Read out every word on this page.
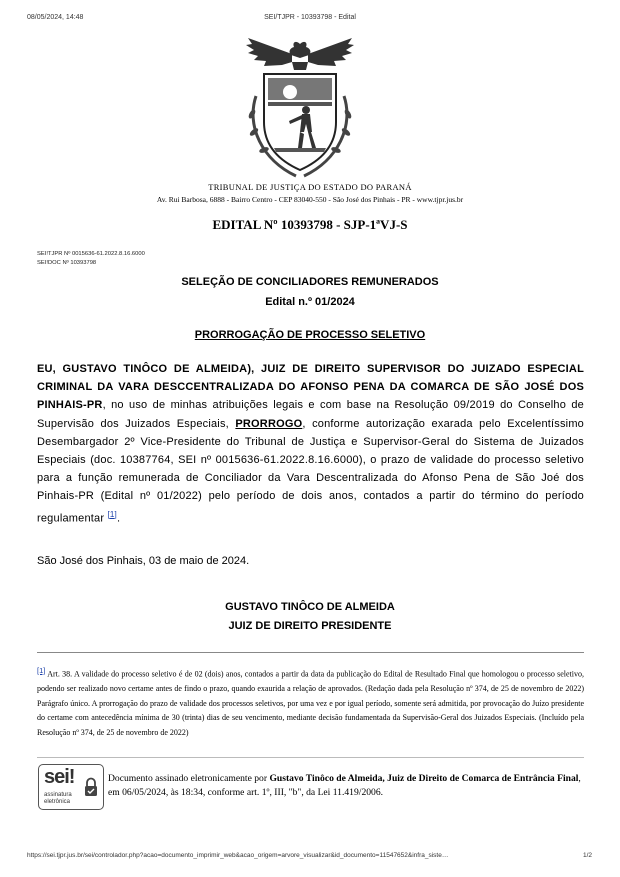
08/05/2024, 14:48	SEI/TJPR - 10393798 - Edital
TRIBUNAL DE JUSTIÇA DO ESTADO DO PARANÁ
Av. Rui Barbosa, 6888 - Bairro Centro - CEP 83040-550 - São José dos Pinhais - PR - www.tjpr.jus.br
EDITAL Nº 10393798 - SJP-1ªVJ-S
SEI!TJPR Nº 0015636-61.2022.8.16.6000
SEI!DOC Nº 10393798
SELEÇÃO DE CONCILIADORES REMUNERADOS
Edital n.º 01/2024
PRORROGAÇÃO DE PROCESSO SELETIVO
EU, GUSTAVO TINÔCO DE ALMEIDA), JUIZ DE DIREITO SUPERVISOR DO JUIZADO ESPECIAL CRIMINAL DA VARA DESCCENTRALIZADA DO AFONSO PENA DA COMARCA DE SÃO JOSÉ DOS PINHAIS-PR, no uso de minhas atribuições legais e com base na Resolução 09/2019 do Conselho de Supervisão dos Juizados Especiais, PRORROGO, conforme autorização exarada pelo Excelentíssimo Desembargador 2º Vice-Presidente do Tribunal de Justiça e Supervisor-Geral do Sistema de Juizados Especiais (doc. 10387764, SEI nº 0015636-61.2022.8.16.6000), o prazo de validade do processo seletivo para a função remunerada de Conciliador da Vara Descentralizada do Afonso Pena de São Joé dos Pinhais-PR (Edital nº 01/2022) pelo período de dois anos, contados a partir do término do período regulamentar [1].
São José dos Pinhais, 03 de maio de 2024.
GUSTAVO TINÔCO DE ALMEIDA
JUIZ DE DIREITO PRESIDENTE
[1] Art. 38. A validade do processo seletivo é de 02 (dois) anos, contados a partir da data da publicação do Edital de Resultado Final que homologou o processo seletivo, podendo ser realizado novo certame antes de findo o prazo, quando exaurida a relação de aprovados. (Redação dada pela Resolução nº 374, de 25 de novembro de 2022) Parágrafo único. A prorrogação do prazo de validade dos processos seletivos, por uma vez e por igual período, somente será admitida, por provocação do Juízo presidente do certame com antecedência mínima de 30 (trinta) dias de seu vencimento, mediante decisão fundamentada da Supervisão-Geral dos Juizados Especiais. (Incluído pela Resolução nº 374, de 25 de novembro de 2022)
sei!
assinatura
eletrônica
Documento assinado eletronicamente por Gustavo Tinôco de Almeida, Juiz de Direito de Comarca de Entrância Final, em 06/05/2024, às 18:34, conforme art. 1º, III, "b", da Lei 11.419/2006.
https://sei.tjpr.jus.br/sei/controlador.php?acao=documento_imprimir_web&acao_origem=arvore_visualizar&id_documento=11547652&infra_siste…	1/2
